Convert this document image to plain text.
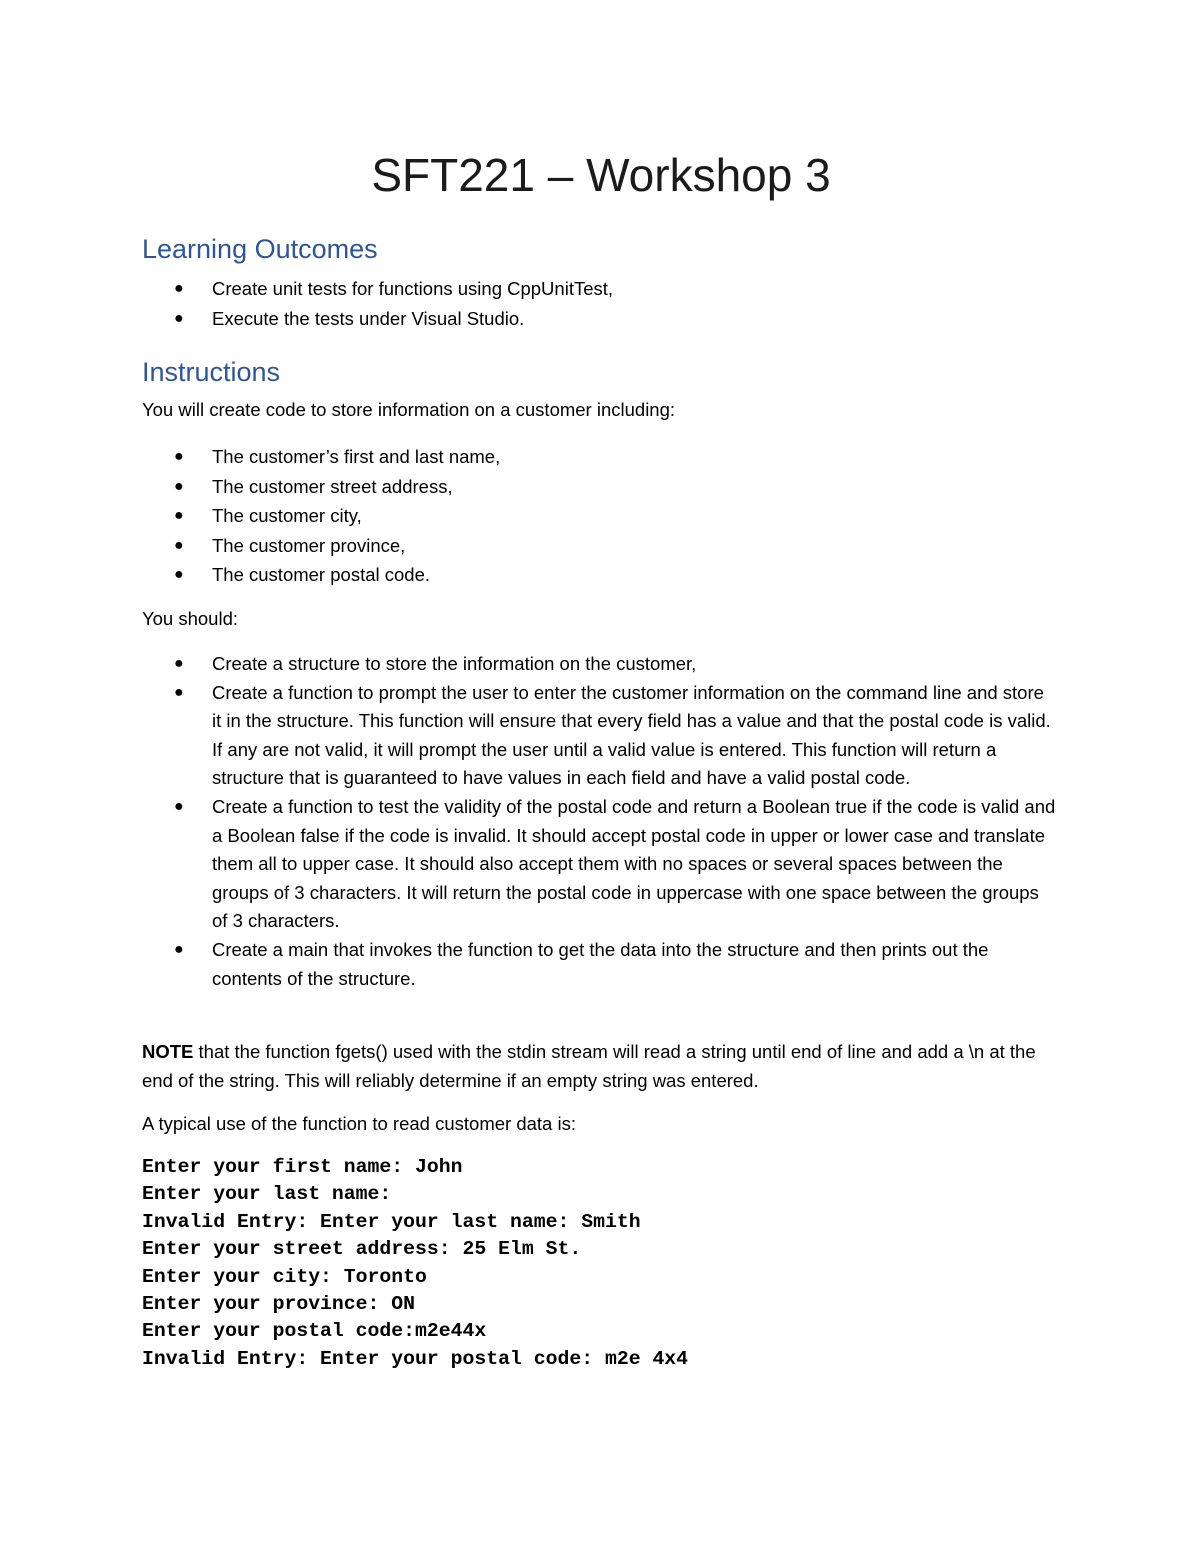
SFT221 – Workshop 3
Learning Outcomes
● Create unit tests for functions using CppUnitTest,
● Execute the tests under Visual Studio.
Instructions
You will create code to store information on a customer including:
● The customer’s first and last name,
● The customer street address,
● The customer city,
● The customer province,
● The customer postal code.
You should:
● Create a structure to store the information on the customer,
● Create a function to prompt the user to enter the customer information on the command line and store it in the structure. This function will ensure that every field has a value and that the postal code is valid. If any are not valid, it will prompt the user until a valid value is entered. This function will return a structure that is guaranteed to have values in each field and have a valid postal code.
● Create a function to test the validity of the postal code and return a Boolean true if the code is valid and a Boolean false if the code is invalid. It should accept postal code in upper or lower case and translate them all to upper case. It should also accept them with no spaces or several spaces between the groups of 3 characters. It will return the postal code in uppercase with one space between the groups of 3 characters.
● Create a main that invokes the function to get the data into the structure and then prints out the contents of the structure.
NOTE that the function fgets() used with the stdin stream will read a string until end of line and add a \n at the end of the string. This will reliably determine if an empty string was entered.
A typical use of the function to read customer data is:
Enter your first name: John
Enter your last name:
Invalid Entry: Enter your last name: Smith
Enter your street address: 25 Elm St.
Enter your city: Toronto
Enter your province: ON
Enter your postal code:m2e44x
Invalid Entry: Enter your postal code: m2e 4x4
